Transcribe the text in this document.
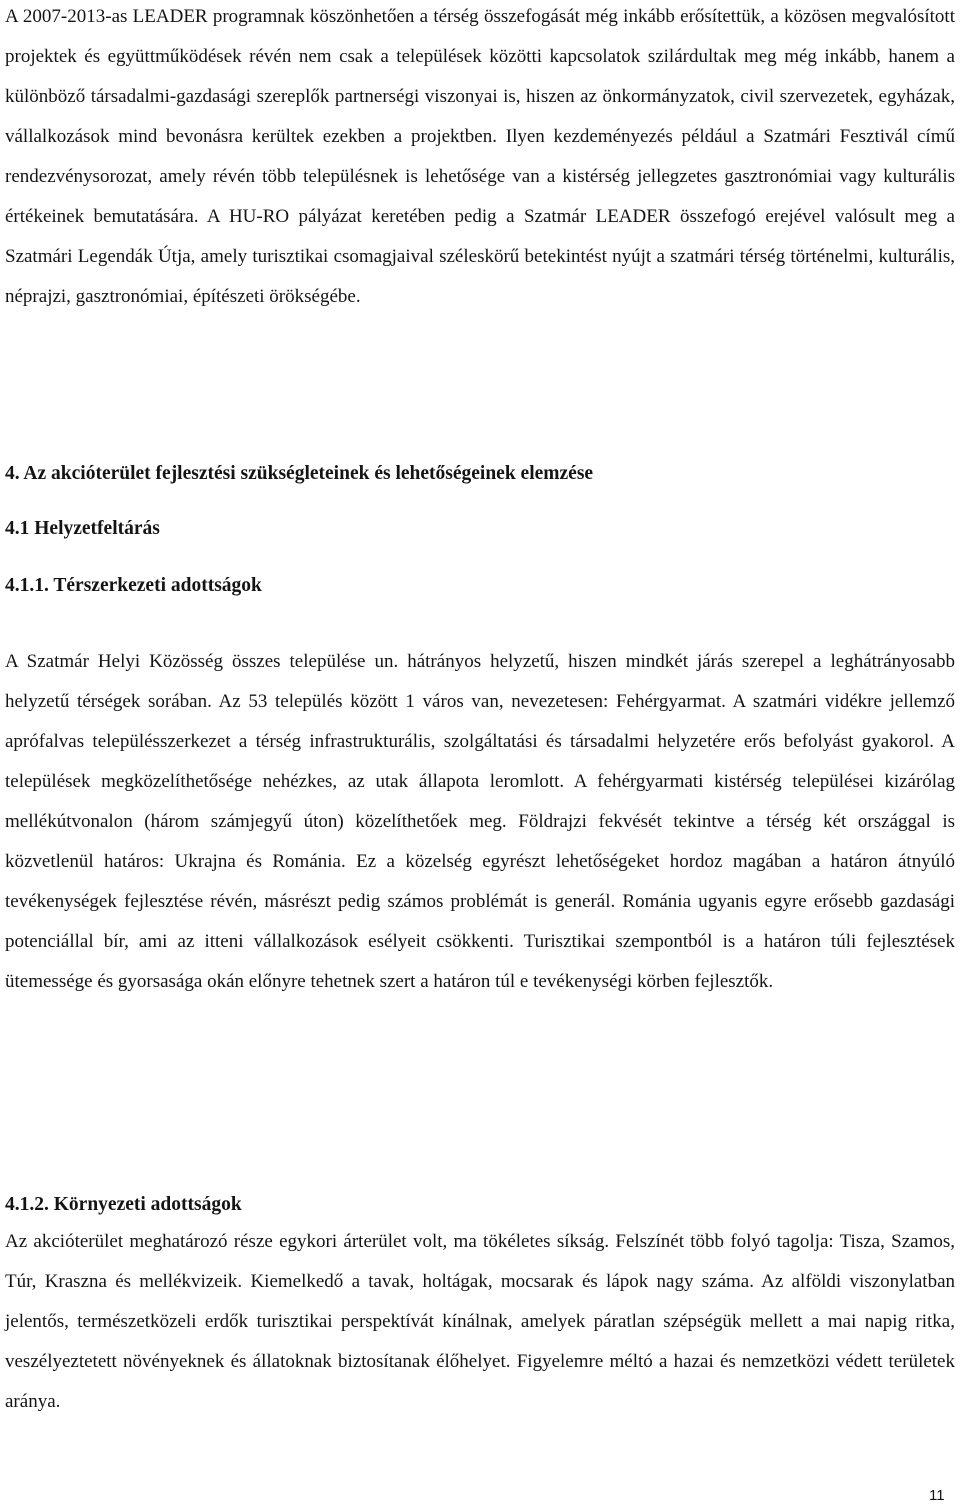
A 2007-2013-as LEADER programnak köszönhetően a térség összefogását még inkább erősítettük, a közösen megvalósított projektek és együttműködések révén nem csak a települések közötti kapcsolatok szilárdultak meg még inkább, hanem a különböző társadalmi-gazdasági szereplők partnerségi viszonyai is, hiszen az önkormányzatok, civil szervezetek, egyházak, vállalkozások mind bevonásra kerültek ezekben a projektben. Ilyen kezdeményezés például a Szatmári Fesztivál című rendezvénysorozat, amely révén több településnek is lehetősége van a kistérség jellegzetes gasztronómiai vagy kulturális értékeinek bemutatására. A HU-RO pályázat keretében pedig a Szatmár LEADER összefogó erejével valósult meg a Szatmári Legendák Útja, amely turisztikai csomagjaival széleskörű betekintést nyújt a szatmári térség történelmi, kulturális, néprajzi, gasztronómiai, építészeti örökségébe.

4. Az akcióterület fejlesztési szükségleteinek és lehetőségeinek elemzése
4.1 Helyzetfeltárás
4.1.1. Térszerkezeti adottságok

A Szatmár Helyi Közösség összes települése un. hátrányos helyzetű, hiszen mindkét járás szerepel a leghátrányosabb helyzetű térségek sorában. Az 53 település között 1 város van, nevezetesen: Fehérgyarmat. A szatmári vidékre jellemző aprófalvas településszerkezet a térség infrastrukturális, szolgáltatási és társadalmi helyzetére erős befolyást gyakorol. A települések megközelíthetősége nehézkes, az utak állapota leromlott. A fehérgyarmati kistérség települései kizárólag mellékútvonalon (három számjegyű úton) közelíthetőek meg. Földrajzi fekvését tekintve a térség két országgal is közvetlenül határos: Ukrajna és Románia. Ez a közelség egyrészt lehetőségeket hordoz magában a határon átnyúló tevékenységek fejlesztése révén, másrészt pedig számos problémát is generál. Románia ugyanis egyre erősebb gazdasági potenciállal bír, ami az itteni vállalkozások esélyeit csökkenti. Turisztikai szempontból is a határon túli fejlesztések ütemessége és gyorsasága okán előnyre tehetnek szert a határon túl e tevékenységi körben fejlesztők.

4.1.2. Környezeti adottságok

Az akcióterület meghatározó része egykori árterület volt, ma tökéletes síkság. Felszínét több folyó tagolja: Tisza, Szamos, Túr, Kraszna és mellékvizeik. Kiemelkedő a tavak, holtágak, mocsarak és lápok nagy száma. Az alföldi viszonylatban jelentős, természetközeli erdők turisztikai perspektívát kínálnak, amelyek páratlan szépségük mellett a mai napig ritka, veszélyeztetett növényeknek és állatoknak biztosítanak élőhelyet. Figyelemre méltó a hazai és nemzetközi védett területek aránya.

11
